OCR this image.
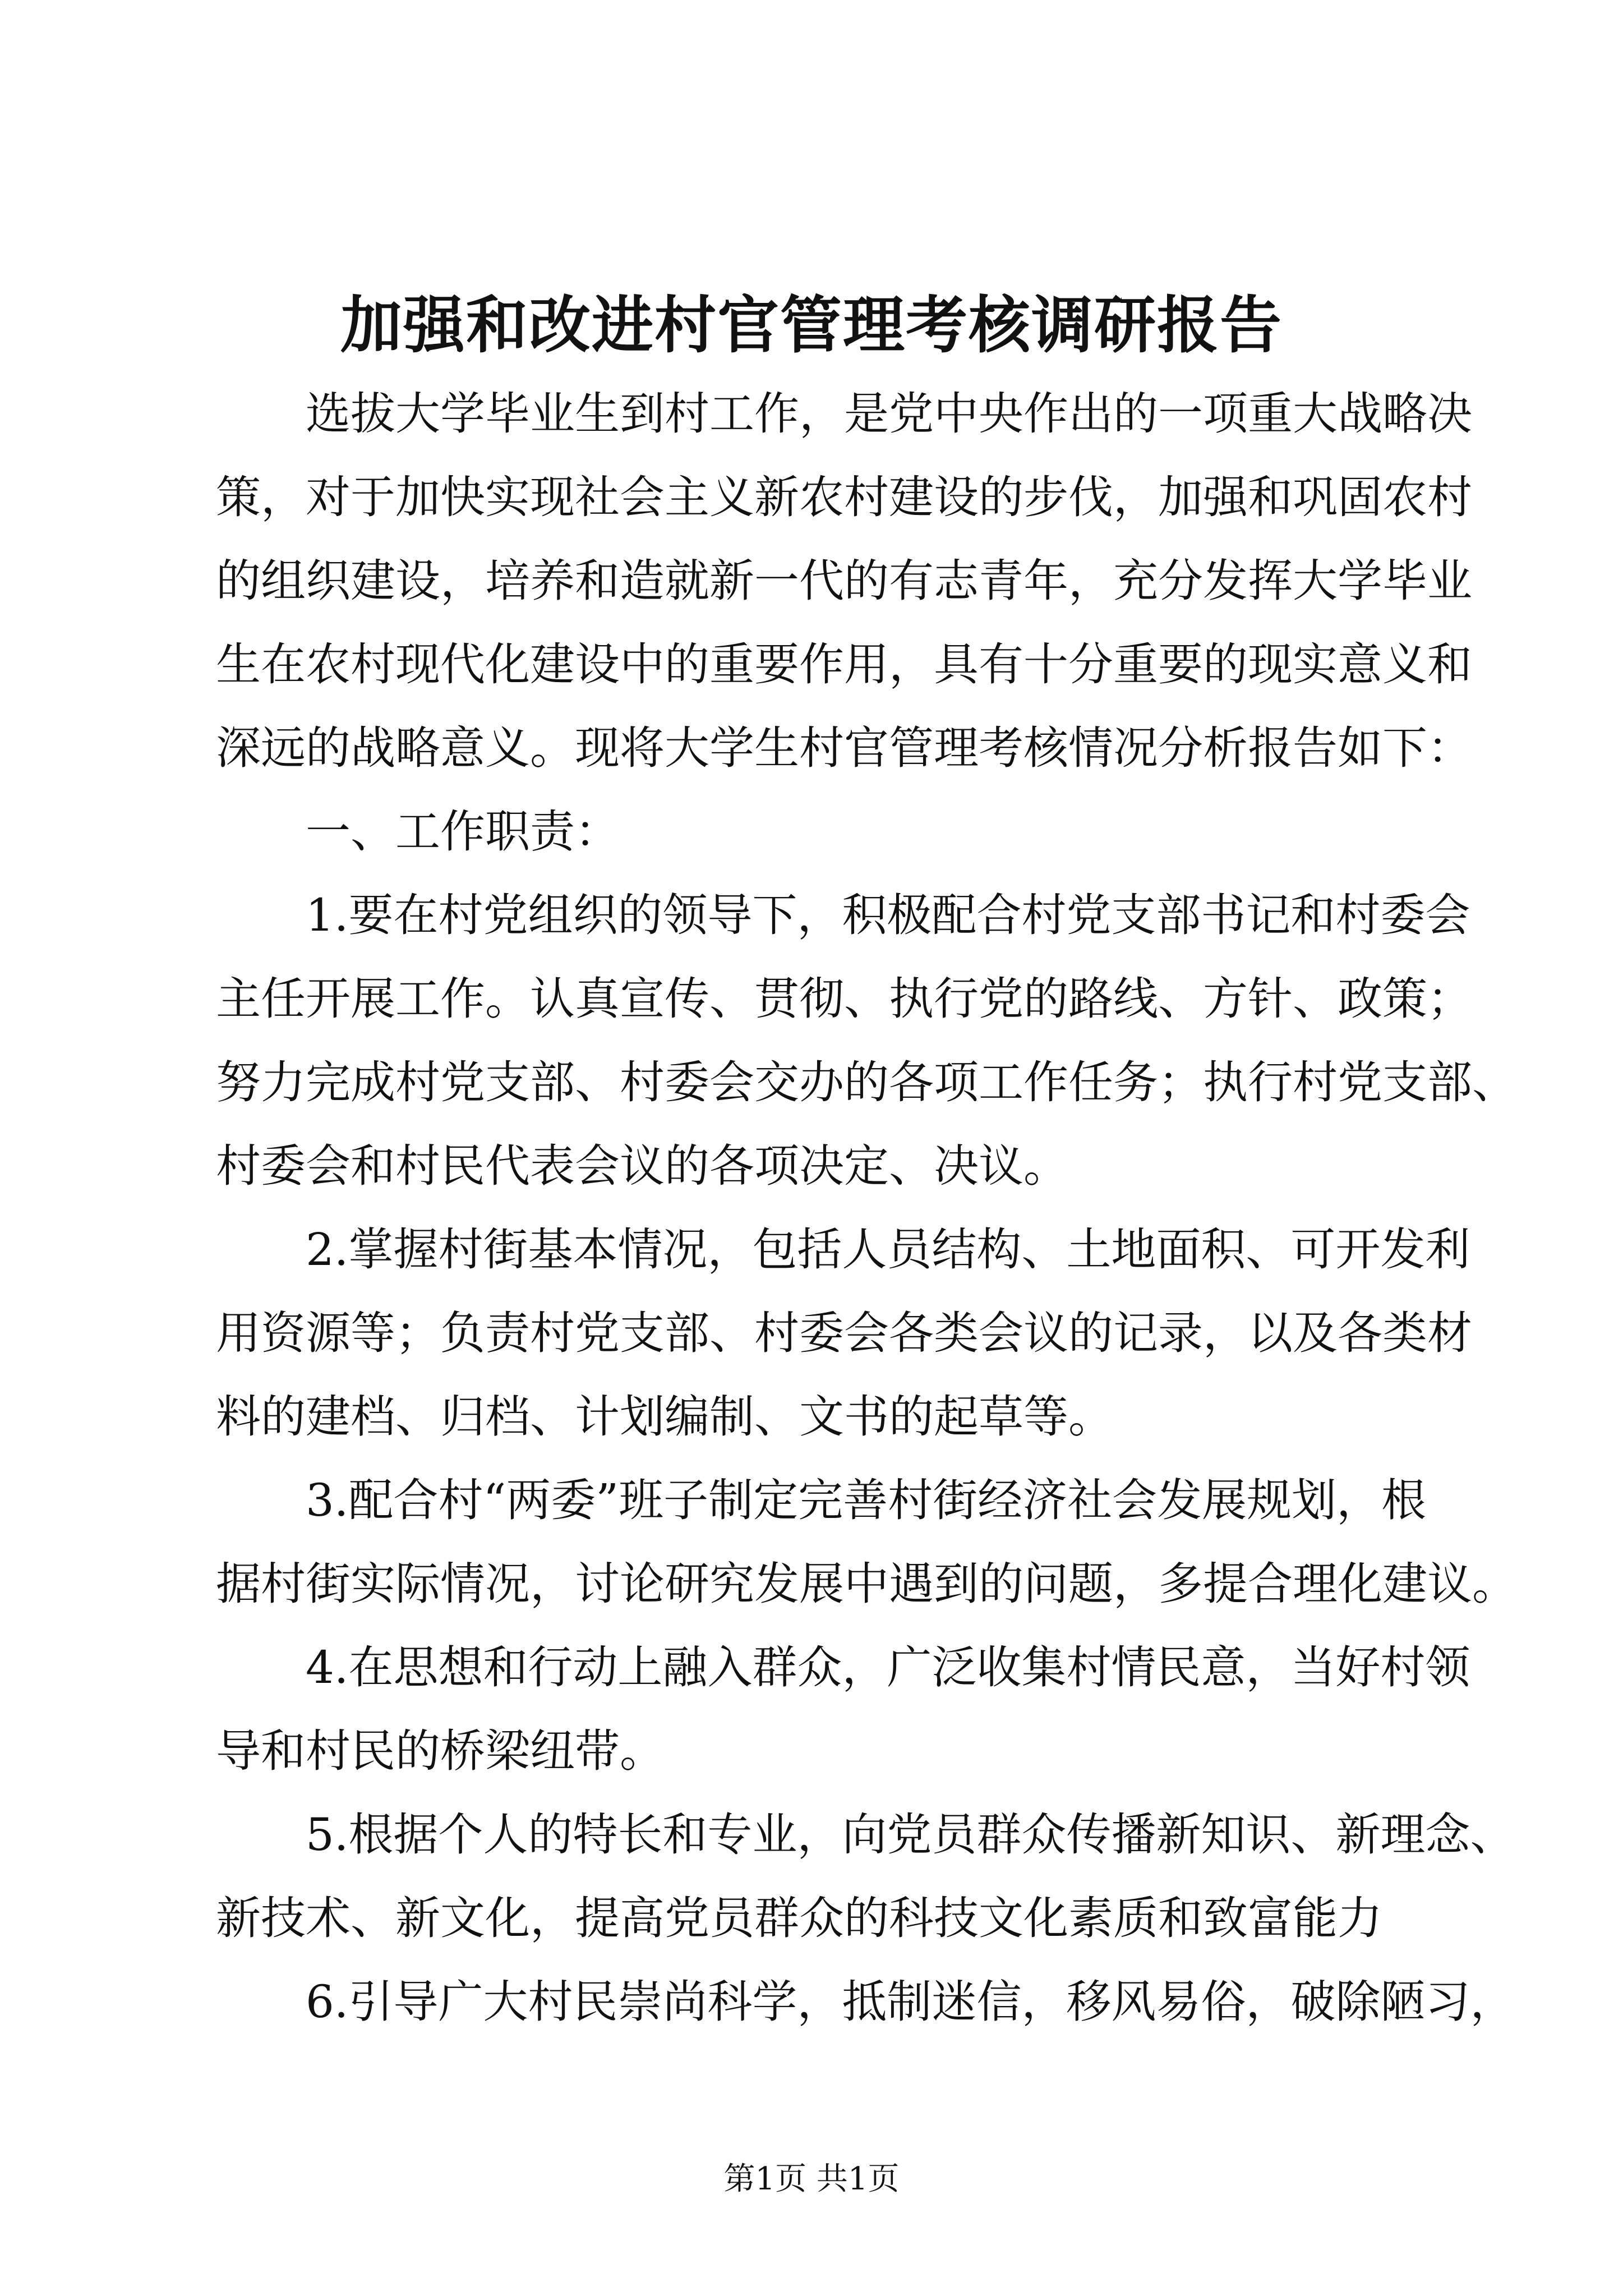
加强和改进村官管理考核调研报告
选拔大学毕业生到村工作，是党中央作出的一项重大战略决
策，对于加快实现社会主义新农村建设的步伐，加强和巩固农村
的组织建设，培养和造就新一代的有志青年，充分发挥大学毕业
生在农村现代化建设中的重要作用，具有十分重要的现实意义和
深远的战略意义。现将大学生村官管理考核情况分析报告如下：
一、工作职责：
1.要在村党组织的领导下，积极配合村党支部书记和村委会
主任开展工作。认真宣传、贯彻、执行党的路线、方针、政策；
努力完成村党支部、村委会交办的各项工作任务；执行村党支部、
村委会和村民代表会议的各项决定、决议。
2.掌握村街基本情况，包括人员结构、土地面积、可开发利
用资源等；负责村党支部、村委会各类会议的记录，以及各类材
料的建档、归档、计划编制、文书的起草等。
3.配合村“两委”班子制定完善村街经济社会发展规划，根
据村街实际情况，讨论研究发展中遇到的问题，多提合理化建议。
4.在思想和行动上融入群众，广泛收集村情民意，当好村领
导和村民的桥梁纽带。
5.根据个人的特长和专业，向党员群众传播新知识、新理念、
新技术、新文化，提高党员群众的科技文化素质和致富能力
6.引导广大村民崇尚科学，抵制迷信，移风易俗，破除陋习，
第1页 共1页
